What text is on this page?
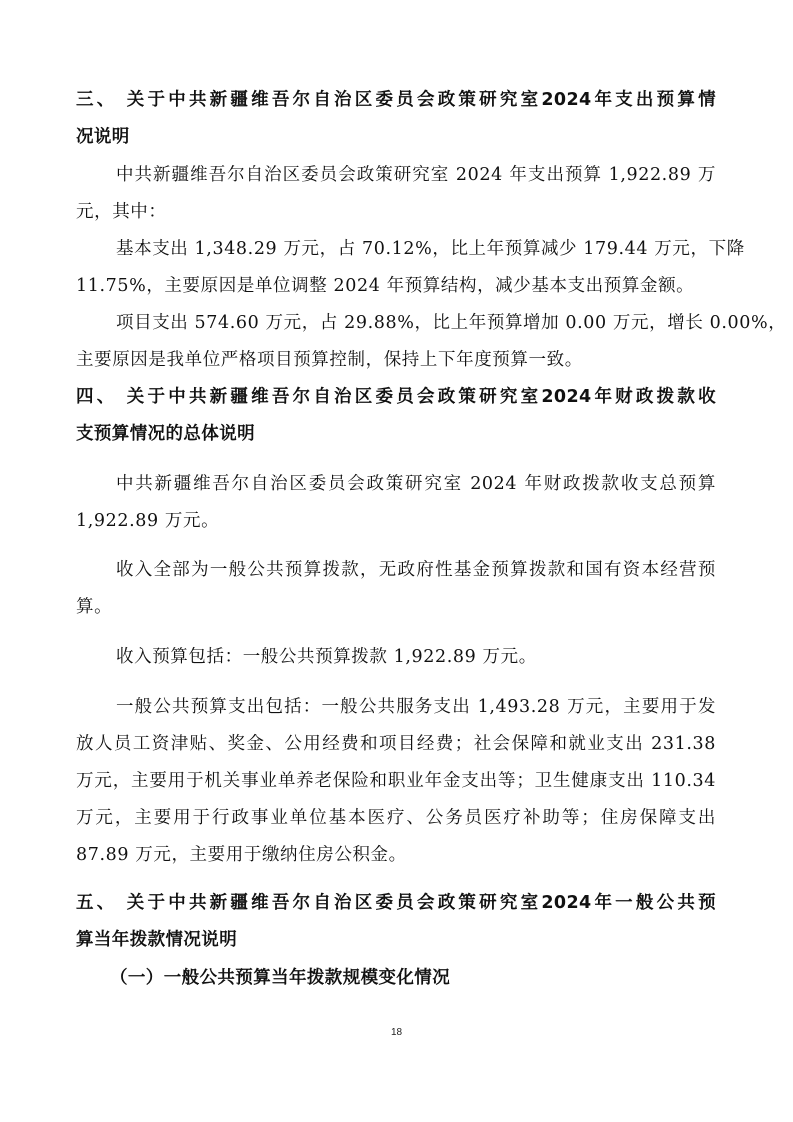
三、 关于中共新疆维吾尔自治区委员会政策研究室2024年支出预算情
况说明
中共新疆维吾尔自治区委员会政策研究室 2024 年支出预算 1,922.89 万
元，其中：
基本支出 1,348.29 万元，占 70.12%，比上年预算减少 179.44 万元，下降
11.75%，主要原因是单位调整 2024 年预算结构，减少基本支出预算金额。
项目支出 574.60 万元，占 29.88%，比上年预算增加 0.00 万元，增长 0.00%，
主要原因是我单位严格项目预算控制，保持上下年度预算一致。
四、 关于中共新疆维吾尔自治区委员会政策研究室2024年财政拨款收
支预算情况的总体说明
中共新疆维吾尔自治区委员会政策研究室 2024 年财政拨款收支总预算
1,922.89 万元。
收入全部为一般公共预算拨款，无政府性基金预算拨款和国有资本经营预
算。
收入预算包括：一般公共预算拨款 1,922.89 万元。
一般公共预算支出包括：一般公共服务支出 1,493.28 万元，主要用于发
放人员工资津贴、奖金、公用经费和项目经费；社会保障和就业支出 231.38
万元，主要用于机关事业单养老保险和职业年金支出等；卫生健康支出 110.34
万元，主要用于行政事业单位基本医疗、公务员医疗补助等；住房保障支出
87.89 万元，主要用于缴纳住房公积金。
五、 关于中共新疆维吾尔自治区委员会政策研究室2024年一般公共预
算当年拨款情况说明
（一）一般公共预算当年拨款规模变化情况
18
